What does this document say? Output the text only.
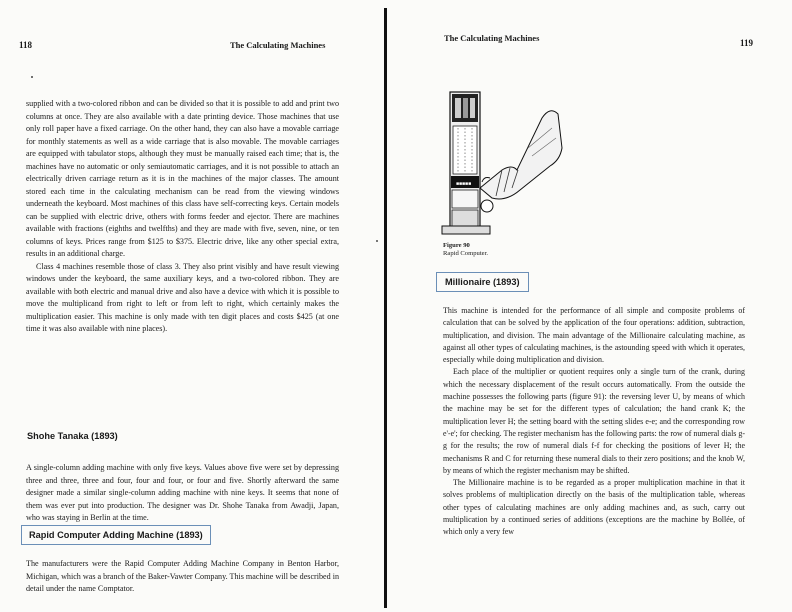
118	The Calculating Machines

supplied with a two-colored ribbon and can be divided so that it is possible to add and print two columns at once. They are also available with a date printing device. Those machines that use only roll paper have a fixed carriage. On the other hand, they can also have a movable carriage for monthly statements as well as a wide carriage that is also movable. The movable carriages are equipped with tabulator stops, although they must be manually raised each time; that is, the machines have no automatic or only semiautomatic carriages, and it is not possible to attach an electrically driven carriage return as it is in the machines of the major classes. The amount stored each time in the calculating mechanism can be read from the viewing windows underneath the keyboard. Most machines of this class have self-correcting keys. Certain models can be supplied with electric drive, others with forms feeder and ejector. There are machines available with fractions (eighths and twelfths) and they are made with five, seven, nine, or ten columns of keys. Prices range from $125 to $375. Electric drive, like any other special extra, results in an additional charge.

Class 4 machines resemble those of class 3. They also print visibly and have result viewing windows under the keyboard, the same auxiliary keys, and a two-colored ribbon. They are available with both electric and manual drive and also have a device with which it is possible to move the multiplicand from right to left or from left to right, which certainly makes the multiplication easier. This machine is only made with ten digit places and costs $425 (at one time it was also available with nine places).

Shohe Tanaka (1893)

A single-column adding machine with only five keys. Values above five were set by depressing three and three, three and four, four and four, or four and five. Shortly afterward the same designer made a similar single-column adding machine with nine keys. It seems that none of them was ever put into production. The designer was Dr. Shohe Tanaka from Awadji, Japan, who was staying in Berlin at the time.

Rapid Computer Adding Machine (1893)

The manufacturers were the Rapid Computer Adding Machine Company in Benton Harbor, Michigan, which was a branch of the Baker-Vawter Company. This machine will be described in detail under the name Comptator.

The Calculating Machines	119
■■■■■
Figure 90
Rapid Computer.
Millionaire (1893)

This machine is intended for the performance of all simple and composite problems of calculation that can be solved by the application of the four operations: addition, subtraction, multiplication, and division. The main advantage of the Millionaire calculating machine, as against all other types of calculating machines, is the astounding speed with which it operates, especially while doing multiplication and division.

Each place of the multiplier or quotient requires only a single turn of the crank, during which the necessary displacement of the result occurs automatically. From the outside the machine possesses the following parts (figure 91): the reversing lever U, by means of which the machine may be set for the different types of calculation; the hand crank K; the multiplication lever H; the setting board with the setting slides e-e; and the corresponding row e'-e'; for checking. The register mechanism has the following parts: the row of numeral dials g-g for the results; the row of numeral dials f-f for checking the positions of lever H; the mechanisms R and C for returning these numeral dials to their zero positions; and the knob W, by means of which the register mechanism may be shifted.

The Millionaire machine is to be regarded as a proper multiplication machine in that it solves problems of multiplication directly on the basis of the multiplication table, whereas other types of calculating machines are only adding machines and, as such, carry out multiplication by a continued series of additions (exceptions are the machine by Bollée, of which only a very few
